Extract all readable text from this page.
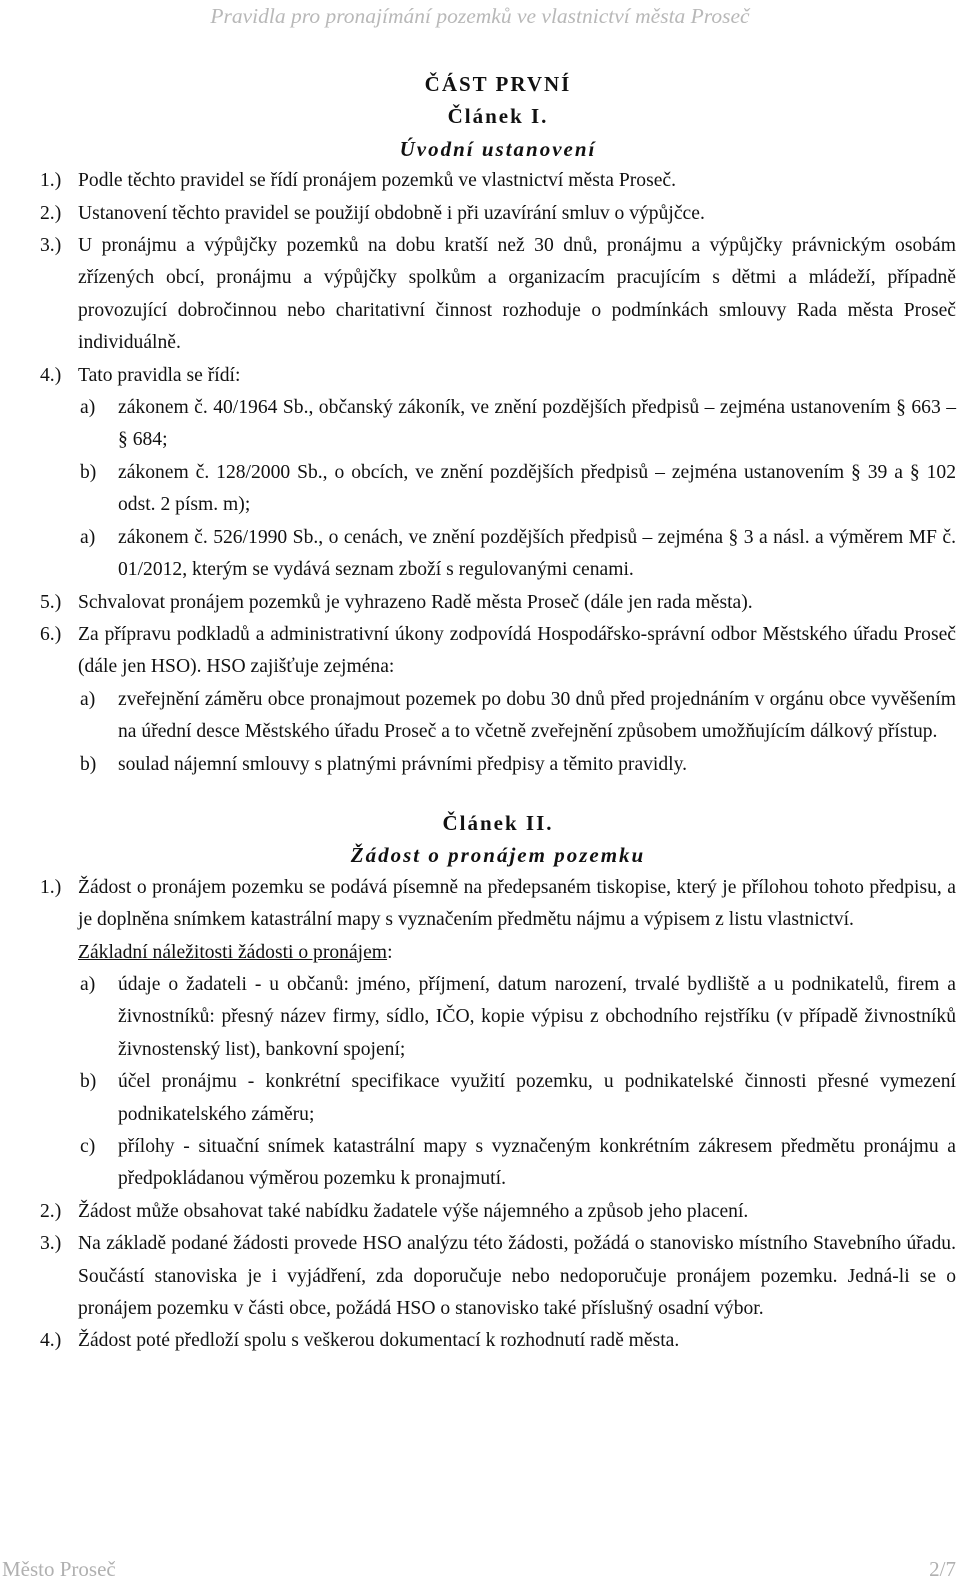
Pravidla pro pronajímání pozemků ve vlastnictví města Proseč
ČÁST PRVNÍ
Článek I.
Úvodní ustanovení
1.) Podle těchto pravidel se řídí pronájem pozemků ve vlastnictví města Proseč.
2.) Ustanovení těchto pravidel se použijí obdobně i při uzavírání smluv o výpůjčce.
3.) U pronájmu a výpůjčky pozemků na dobu kratší než 30 dnů, pronájmu a výpůjčky právnickým osobám zřízených obcí, pronájmu a výpůjčky spolkům a organizacím pracujícím s dětmi a mládeží, případně provozující dobročinnou nebo charitativní činnost rozhoduje o podmínkách smlouvy Rada města Proseč individuálně.
4.) Tato pravidla se řídí:
a) zákonem č. 40/1964 Sb., občanský zákoník, ve znění pozdějších předpisů – zejména ustanovením § 663 – § 684;
b) zákonem č. 128/2000 Sb., o obcích, ve znění pozdějších předpisů – zejména ustanovením § 39 a § 102 odst. 2 písm. m);
a) zákonem č. 526/1990 Sb., o cenách, ve znění pozdějších předpisů – zejména § 3 a násl. a výměrem MF č. 01/2012, kterým se vydává seznam zboží s regulovanými cenami.
5.) Schvalovat pronájem pozemků je vyhrazeno Radě města Proseč (dále jen rada města).
6.) Za přípravu podkladů a administrativní úkony zodpovídá Hospodářsko-správní odbor Městského úřadu Proseč (dále jen HSO). HSO zajišťuje zejména:
a) zveřejnění záměru obce pronajmout pozemek po dobu 30 dnů před projednáním v orgánu obce vyvěšením na úřední desce Městského úřadu Proseč a to včetně zveřejnění způsobem umožňujícím dálkový přístup.
b) soulad nájemní smlouvy s platnými právními předpisy a těmito pravidly.
Článek II.
Žádost o pronájem pozemku
1.) Žádost o pronájem pozemku se podává písemně na předepsaném tiskopise, který je přílohou tohoto předpisu, a je doplněna snímkem katastrální mapy s vyznačením předmětu nájmu a výpisem z listu vlastnictví.
Základní náležitosti žádosti o pronájem:
a) údaje o žadateli - u občanů: jméno, příjmení, datum narození, trvalé bydliště a u podnikatelů, firem a živnostníků: přesný název firmy, sídlo, IČO, kopie výpisu z obchodního rejstříku (v případě živnostníků živnostenský list), bankovní spojení;
b) účel pronájmu - konkrétní specifikace využití pozemku, u podnikatelské činnosti přesné vymezení podnikatelského záměru;
c) přílohy - situační snímek katastrální mapy s vyznačeným konkrétním zákresem předmětu pronájmu a předpokládanou výměrou pozemku k pronajmutí.
2.) Žádost může obsahovat také nabídku žadatele výše nájemného a způsob jeho placení.
3.) Na základě podané žádosti provede HSO analýzu této žádosti, požádá o stanovisko místního Stavebního úřadu. Součástí stanoviska je i vyjádření, zda doporučuje nebo nedoporučuje pronájem pozemku. Jedná-li se o pronájem pozemku v části obce, požádá HSO o stanovisko také příslušný osadní výbor.
4.) Žádost poté předloží spolu s veškerou dokumentací k rozhodnutí radě města.
Město Proseč	2/7
